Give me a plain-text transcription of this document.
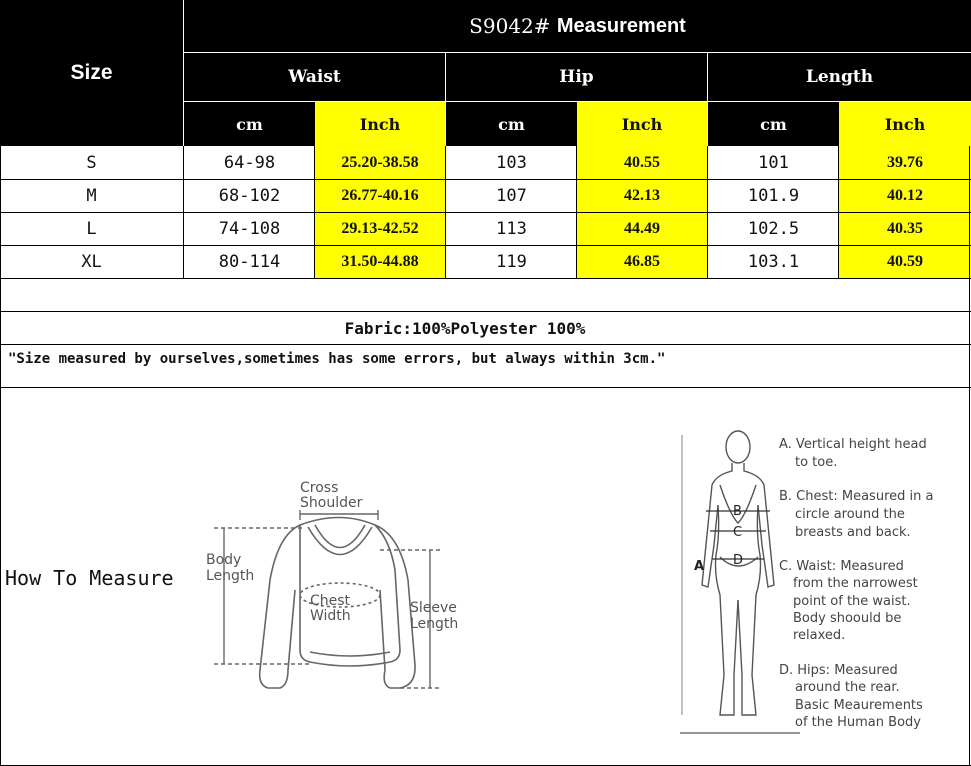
Size
S9042#
Measurement
Waist	Hip	Length
cm	Inch	cm	Inch	cm	Inch
S	64-98	25.20-38.58	103	40.55	101	39.76
M	68-102	26.77-40.16	107	42.13	101.9	40.12
L	74-108	29.13-42.52	113	44.49	102.5	40.35
XL	80-114	31.50-44.88	119	46.85	103.1	40.59
Fabric:100%Polyester 100%
"Size measured by ourselves,sometimes has some errors, but always within 3cm."
How To Measure
Cross
Shoulder
Body
Length
Chest
Width	Sleeve
Length
B
C
D
A
A. Vertical height head
to toe.
B. Chest: Measured in a
circle around the
breasts and back.
C. Waist: Measured
from the narrowest
point of the waist.
Body shoould be
relaxed.
D. Hips: Measured
around the rear.
Basic Meaurements
of the Human Body
